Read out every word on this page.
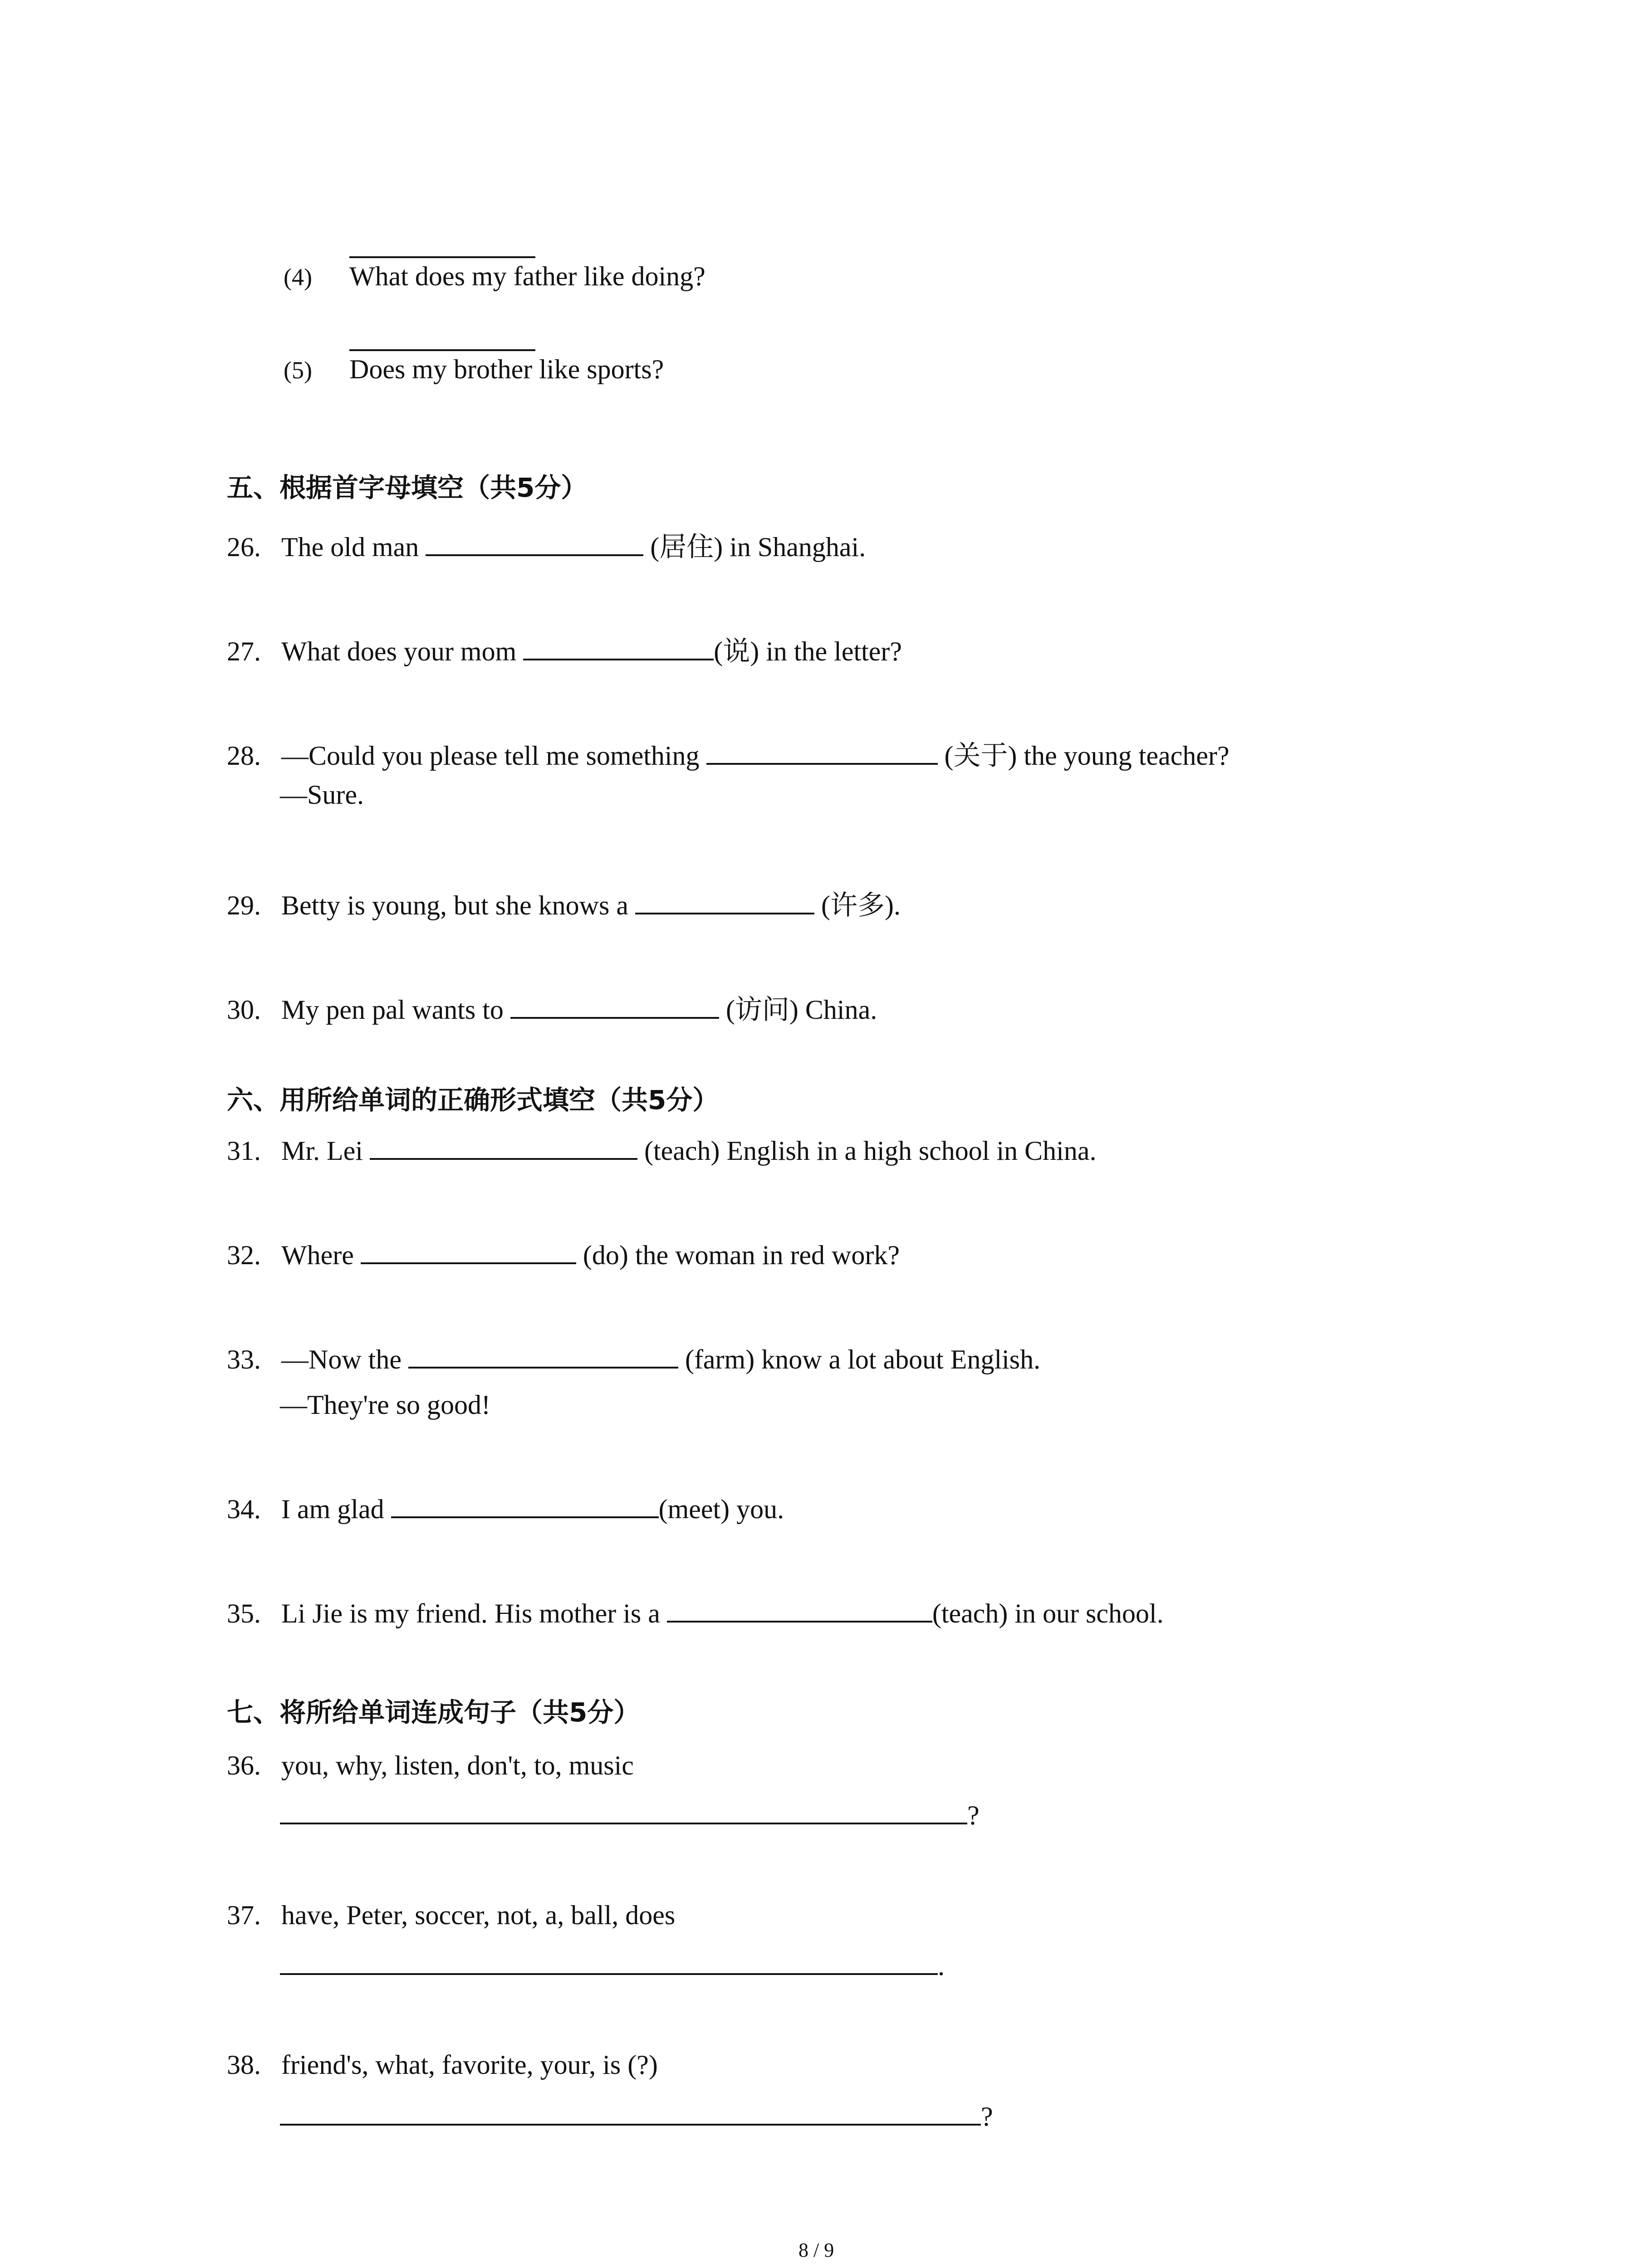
(4) What does my father like doing?
(5) Does my brother like sports?
五、根据首字母填空（共5分）
26. The old man	(居住) in Shanghai.
27. What does your mom	(说) in the letter?
28. —Could you please tell me something	(关于) the young teacher?
—Sure.
29. Betty is young, but she knows a	(许多).
30. My pen pal wants to	(访问) China.
六、用所给单词的正确形式填空（共5分）
31. Mr. Lei	(teach) English in a high school in China.
32. Where	(do) the woman in red work?
33. —Now the	(farm) know a lot about English.
—They're so good!
34. I am glad	(meet) you.
35. Li Jie is my friend. His mother is a	(teach) in our school.
七、将所给单词连成句子（共5分）
36. you, why, listen, don't, to, music
?
37. have, Peter, soccer, not, a, ball, does
.
38. friend's, what, favorite, your, is (?)
?
8 / 9
